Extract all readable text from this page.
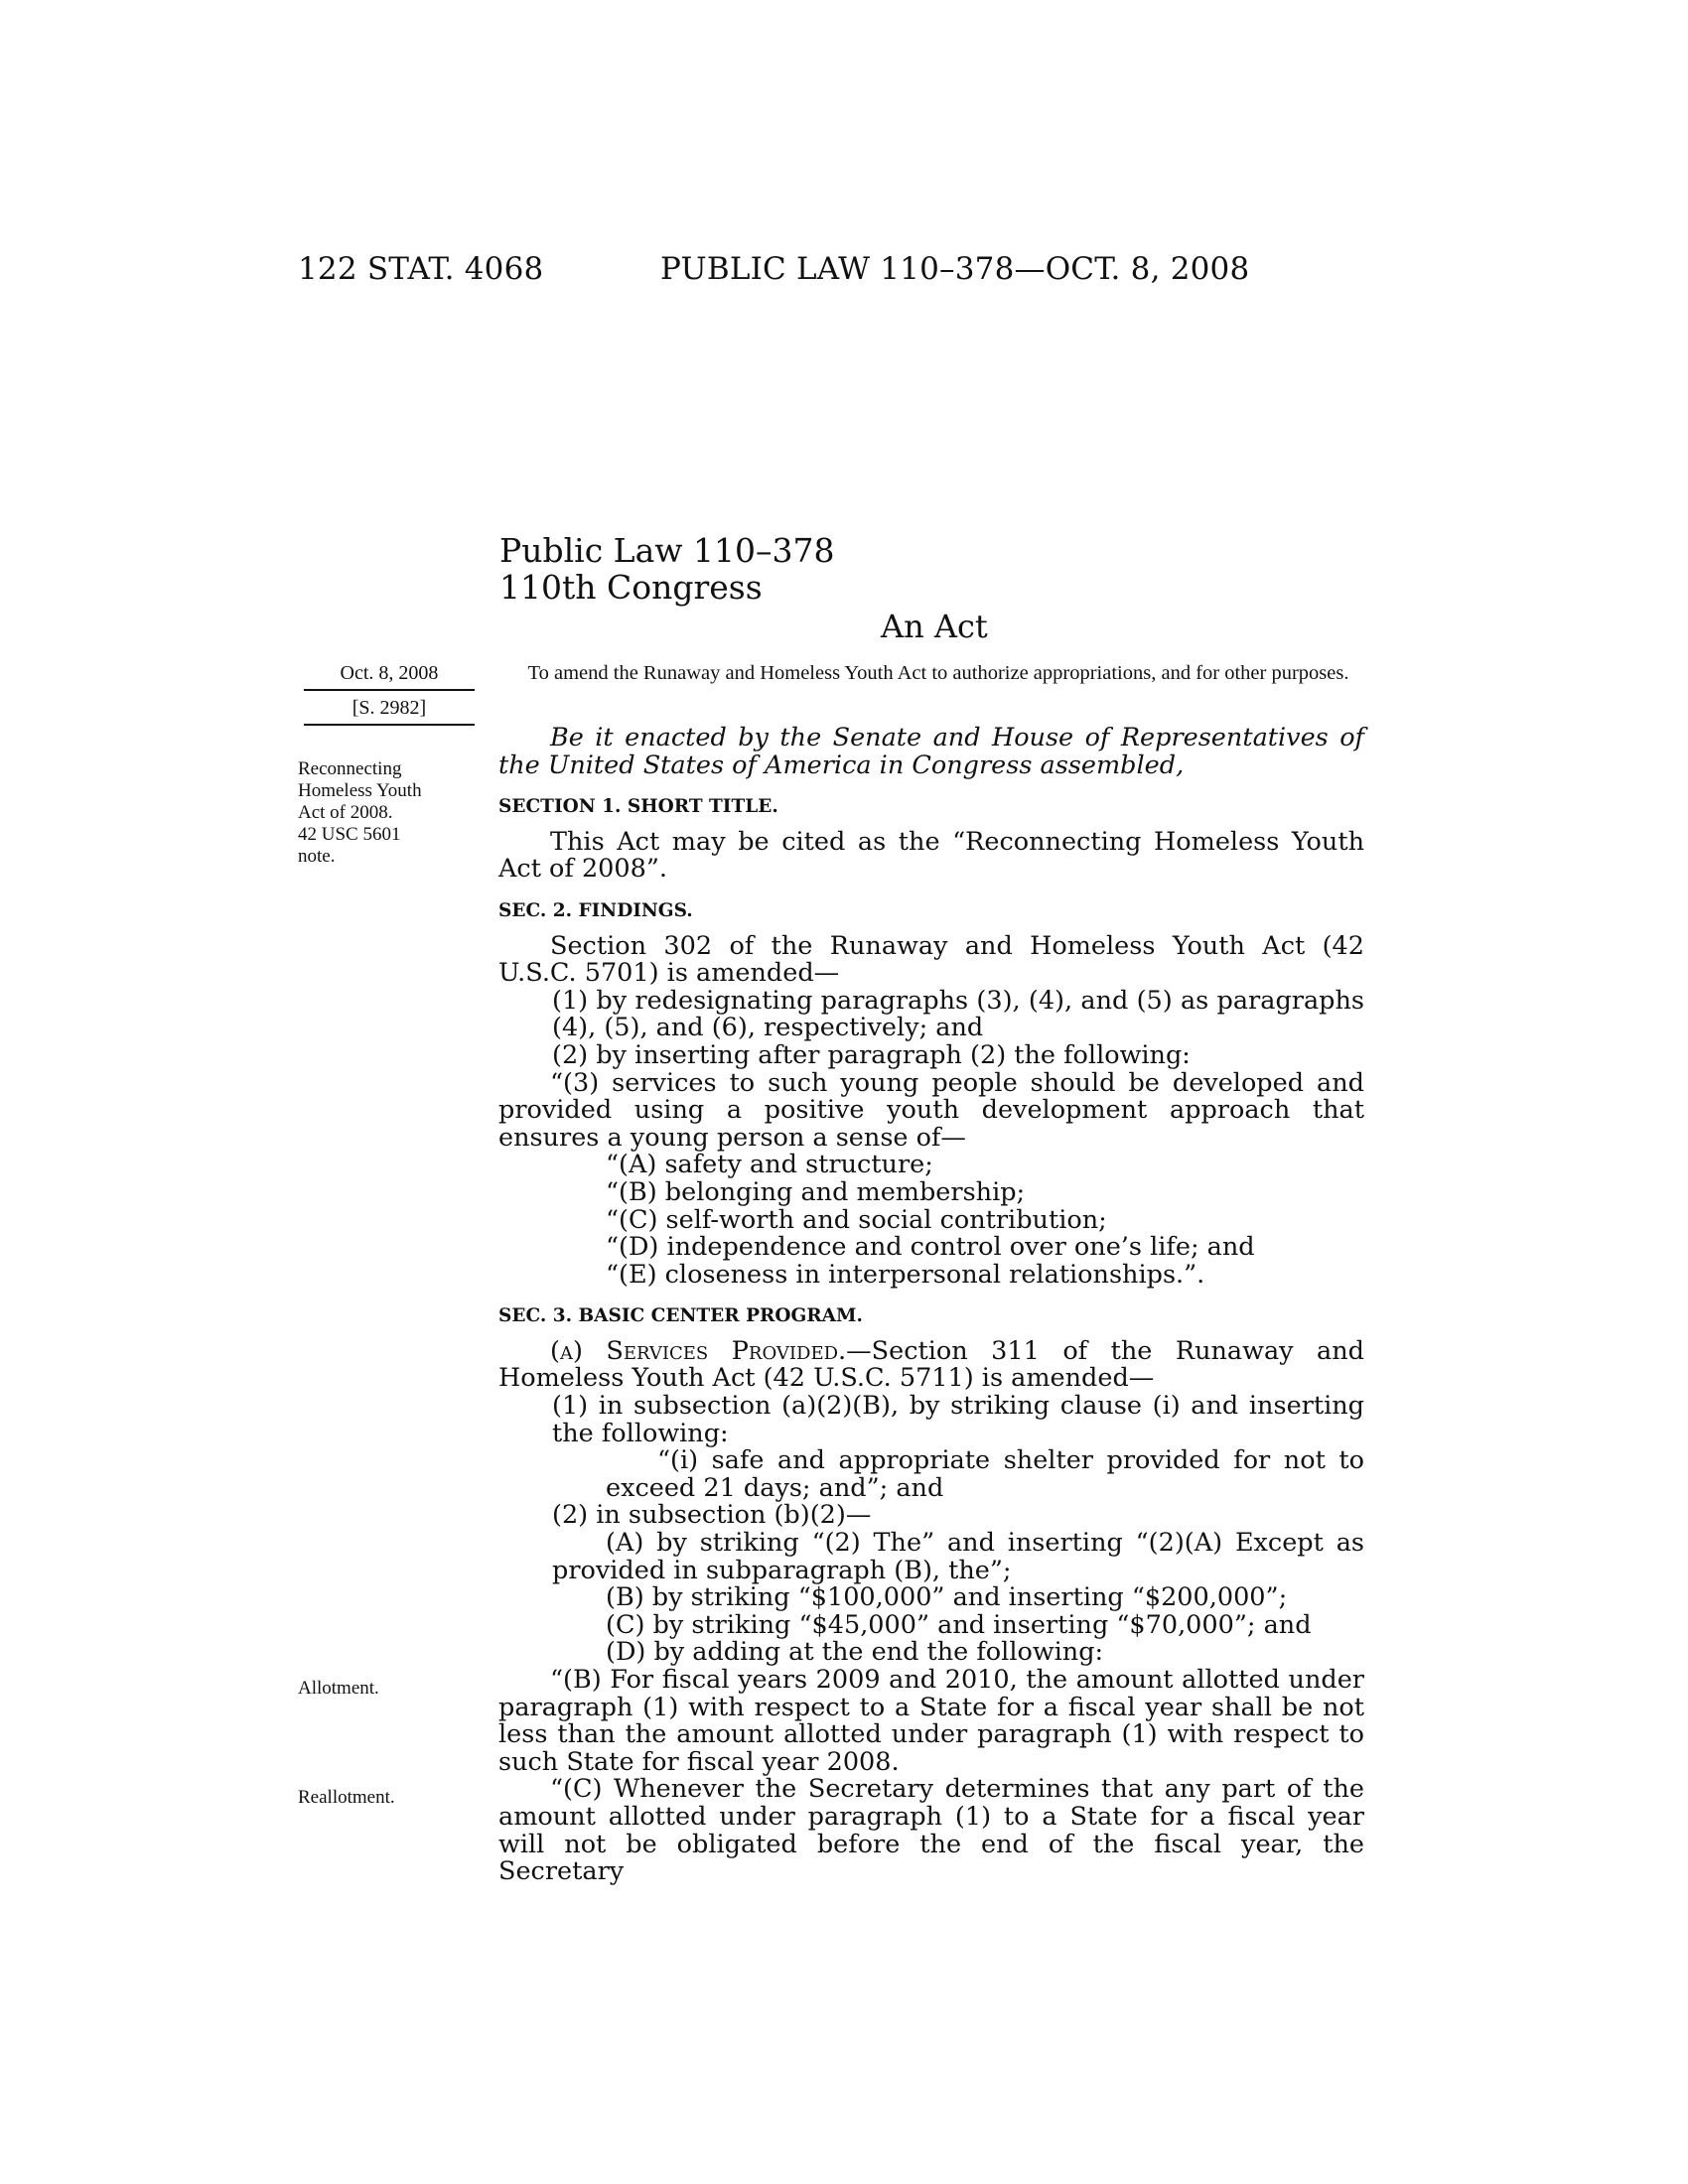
122 STAT. 4068	PUBLIC LAW 110–378—OCT. 8, 2008
Public Law 110–378
110th Congress
An Act
Oct. 8, 2008
[S. 2982]
To amend the Runaway and Homeless Youth Act to authorize appropriations, and for other purposes.
Reconnecting
Homeless Youth
Act of 2008.
42 USC 5601
note.
Allotment.
Reallotment.

Be it enacted by the Senate and House of Representatives of the United States of America in Congress assembled,

SECTION 1. SHORT TITLE.

This Act may be cited as the “Reconnecting Homeless Youth Act of 2008”.

SEC. 2. FINDINGS.

Section 302 of the Runaway and Homeless Youth Act (42 U.S.C. 5701) is amended—

(1) by redesignating paragraphs (3), (4), and (5) as paragraphs (4), (5), and (6), respectively; and

(2) by inserting after paragraph (2) the following:

“(3) services to such young people should be developed and provided using a positive youth development approach that ensures a young person a sense of—

“(A) safety and structure;

“(B) belonging and membership;

“(C) self-worth and social contribution;

“(D) independence and control over one’s life; and

“(E) closeness in interpersonal relationships.”.

SEC. 3. BASIC CENTER PROGRAM.

(a) Services Provided.—Section 311 of the Runaway and Homeless Youth Act (42 U.S.C. 5711) is amended—

(1) in subsection (a)(2)(B), by striking clause (i) and inserting the following:

“(i) safe and appropriate shelter provided for not to exceed 21 days; and”; and

(2) in subsection (b)(2)—

(A) by striking “(2) The” and inserting “(2)(A) Except as provided in subparagraph (B), the”;

(B) by striking “$100,000” and inserting “$200,000”;

(C) by striking “$45,000” and inserting “$70,000”; and

(D) by adding at the end the following:

“(B) For fiscal years 2009 and 2010, the amount allotted under paragraph (1) with respect to a State for a fiscal year shall be not less than the amount allotted under paragraph (1) with respect to such State for fiscal year 2008.

“(C) Whenever the Secretary determines that any part of the amount allotted under paragraph (1) to a State for a fiscal year will not be obligated before the end of the fiscal year, the Secretary
